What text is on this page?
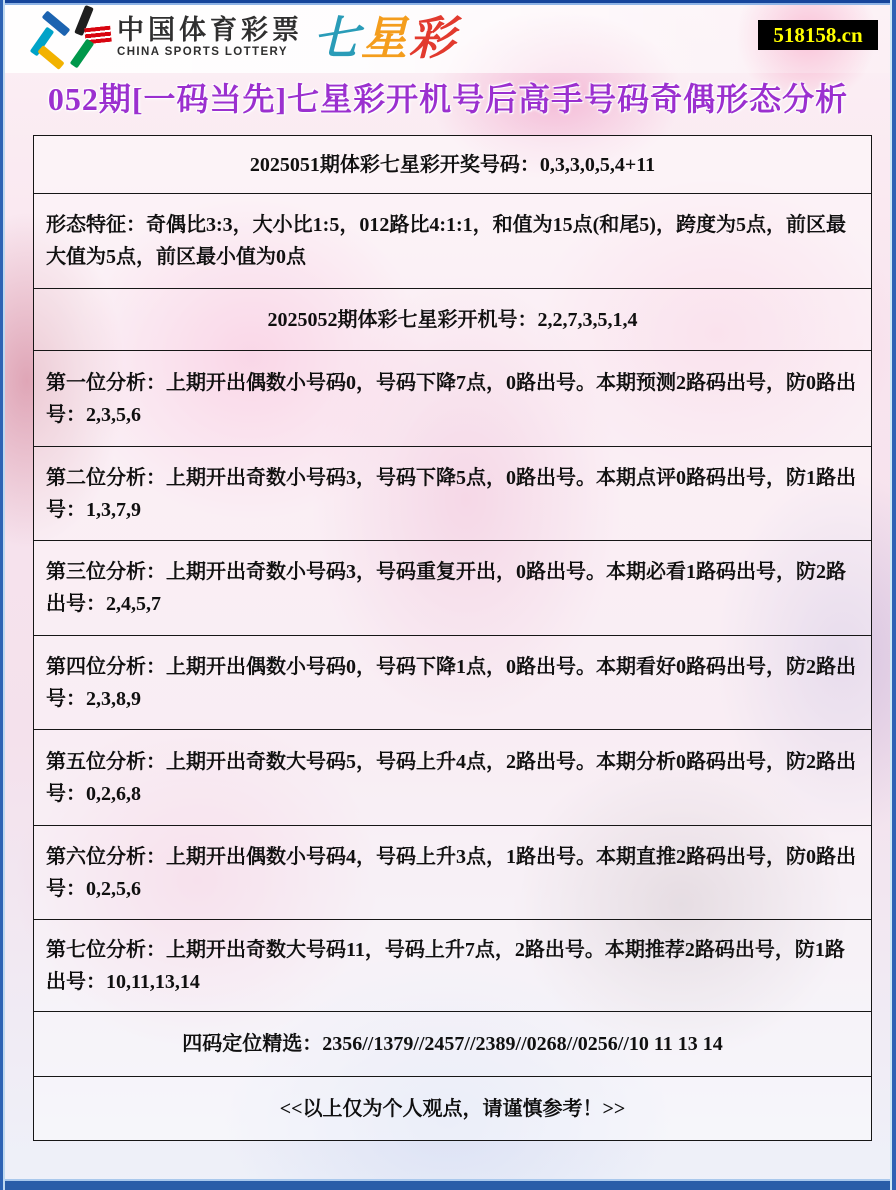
中国体育彩票
CHINA SPORTS LOTTERY 七星彩	518158.cn
052期[一码当先]七星彩开机号后高手号码奇偶形态分析
2025051期体彩七星彩开奖号码：0,3,3,0,5,4+11
形态特征：奇偶比3:3，大小比1:5，012路比4:1:1，和值为15点(和尾5)，跨度为5点，前区最大值为5点，前区最小值为0点
2025052期体彩七星彩开机号：2,2,7,3,5,1,4
第一位分析：上期开出偶数小号码0，号码下降7点，0路出号。本期预测2路码出号，防0路出号：2,3,5,6
第二位分析：上期开出奇数小号码3，号码下降5点，0路出号。本期点评0路码出号，防1路出号：1,3,7,9
第三位分析：上期开出奇数小号码3，号码重复开出，0路出号。本期必看1路码出号，防2路出号：2,4,5,7
第四位分析：上期开出偶数小号码0，号码下降1点，0路出号。本期看好0路码出号，防2路出号：2,3,8,9
第五位分析：上期开出奇数大号码5，号码上升4点，2路出号。本期分析0路码出号，防2路出号：0,2,6,8
第六位分析：上期开出偶数小号码4，号码上升3点，1路出号。本期直推2路码出号，防0路出号：0,2,5,6
第七位分析：上期开出奇数大号码11，号码上升7点，2路出号。本期推荐2路码出号，防1路出号：10,11,13,14
四码定位精选：2356//1379//2457//2389//0268//0256//10 11 13 14
<<以上仅为个人观点，请谨慎参考！>>
